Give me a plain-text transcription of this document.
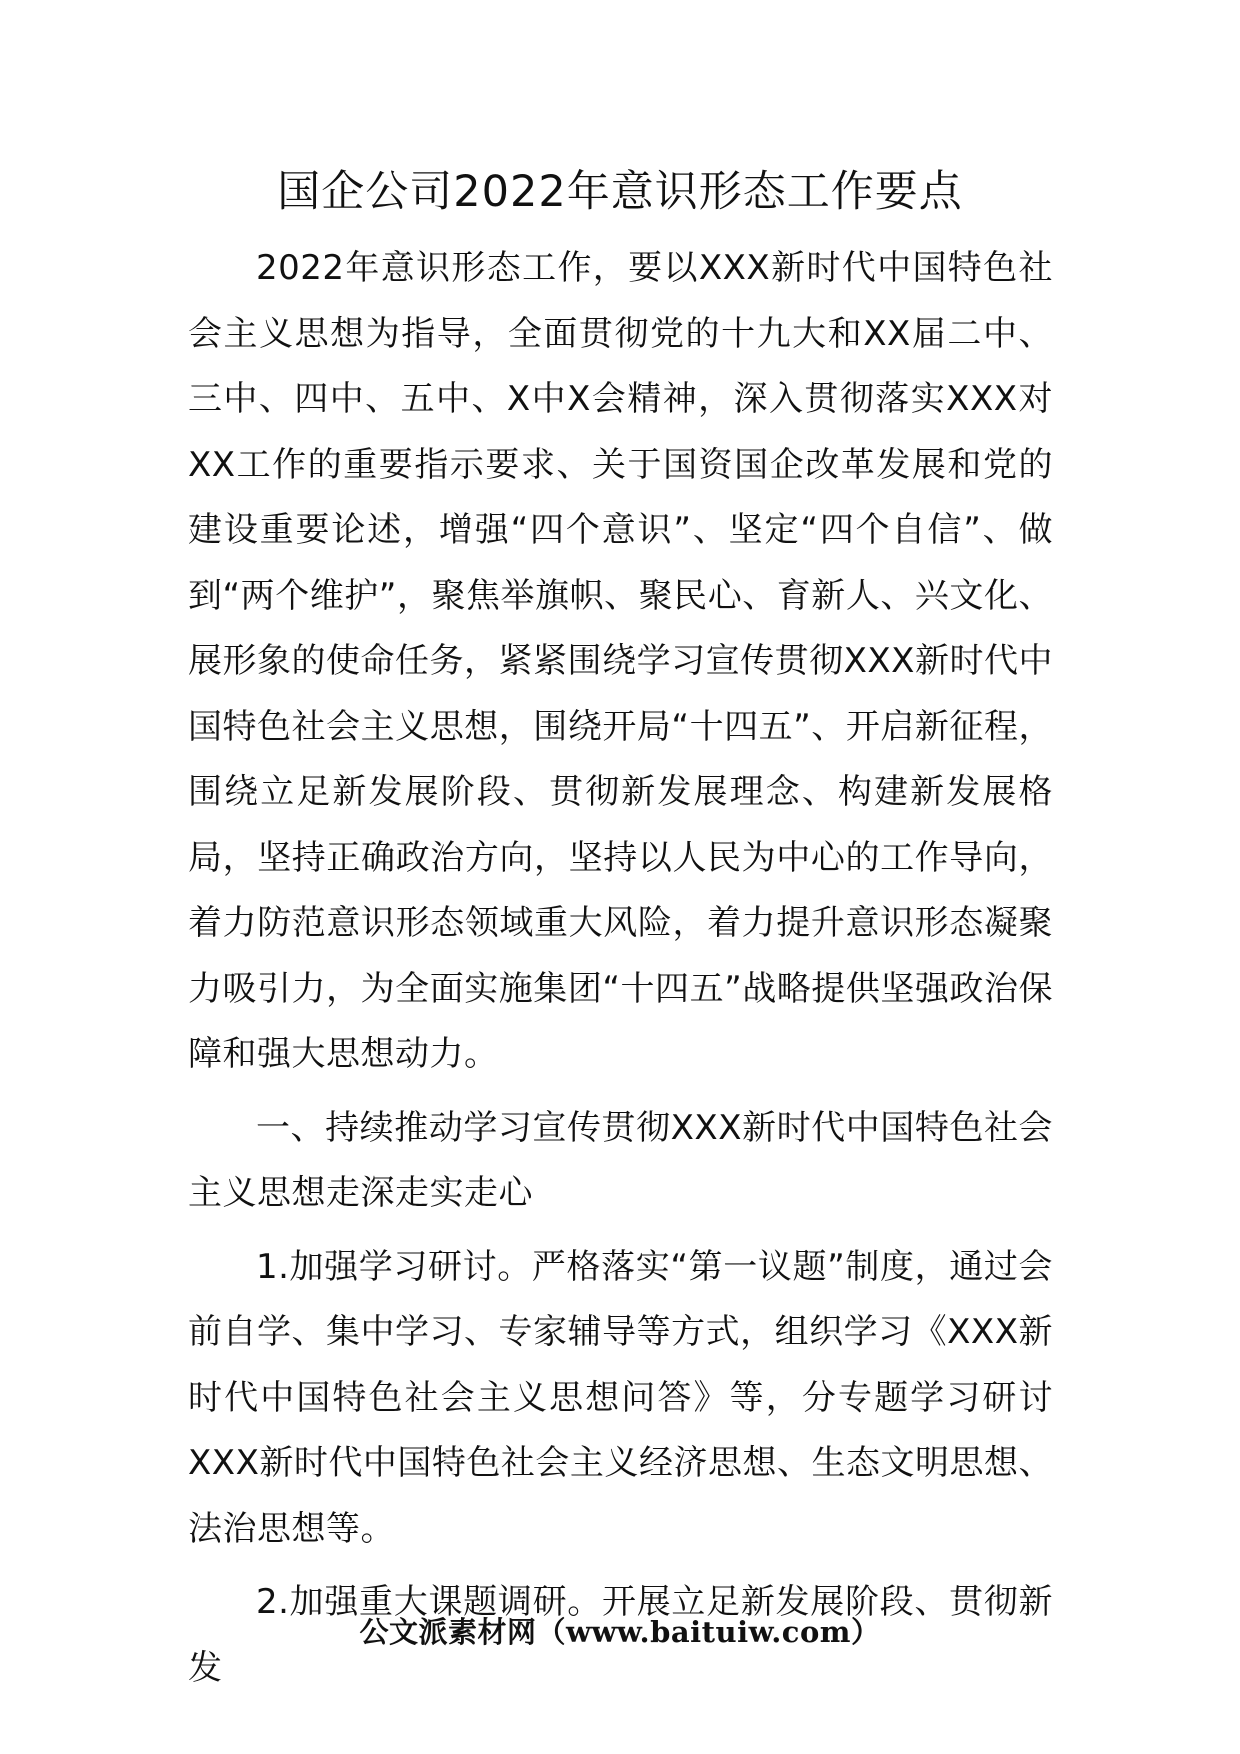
国企公司2022年意识形态工作要点

2022年意识形态工作，要以XXX新时代中国特色社会主义思想为指导，全面贯彻党的十九大和XX届二中、三中、四中、五中、X中X会精神，深入贯彻落实XXX对XX工作的重要指示要求、关于国资国企改革发展和党的建设重要论述，增强“四个意识”、坚定“四个自信”、做到“两个维护”，聚焦举旗帜、聚民心、育新人、兴文化、展形象的使命任务，紧紧围绕学习宣传贯彻XXX新时代中国特色社会主义思想，围绕开局“十四五”、开启新征程，围绕立足新发展阶段、贯彻新发展理念、构建新发展格局，坚持正确政治方向，坚持以人民为中心的工作导向，着力防范意识形态领域重大风险，着力提升意识形态凝聚力吸引力，为全面实施集团“十四五”战略提供坚强政治保障和强大思想动力。

一、持续推动学习宣传贯彻XXX新时代中国特色社会主义思想走深走实走心

1.加强学习研讨。严格落实“第一议题”制度，通过会前自学、集中学习、专家辅导等方式，组织学习《XXX新时代中国特色社会主义思想问答》等，分专题学习研讨XXX新时代中国特色社会主义经济思想、生态文明思想、法治思想等。

2.加强重大课题调研。开展立足新发展阶段、贯彻新发

公文派素材网（www.baituiw.com）
